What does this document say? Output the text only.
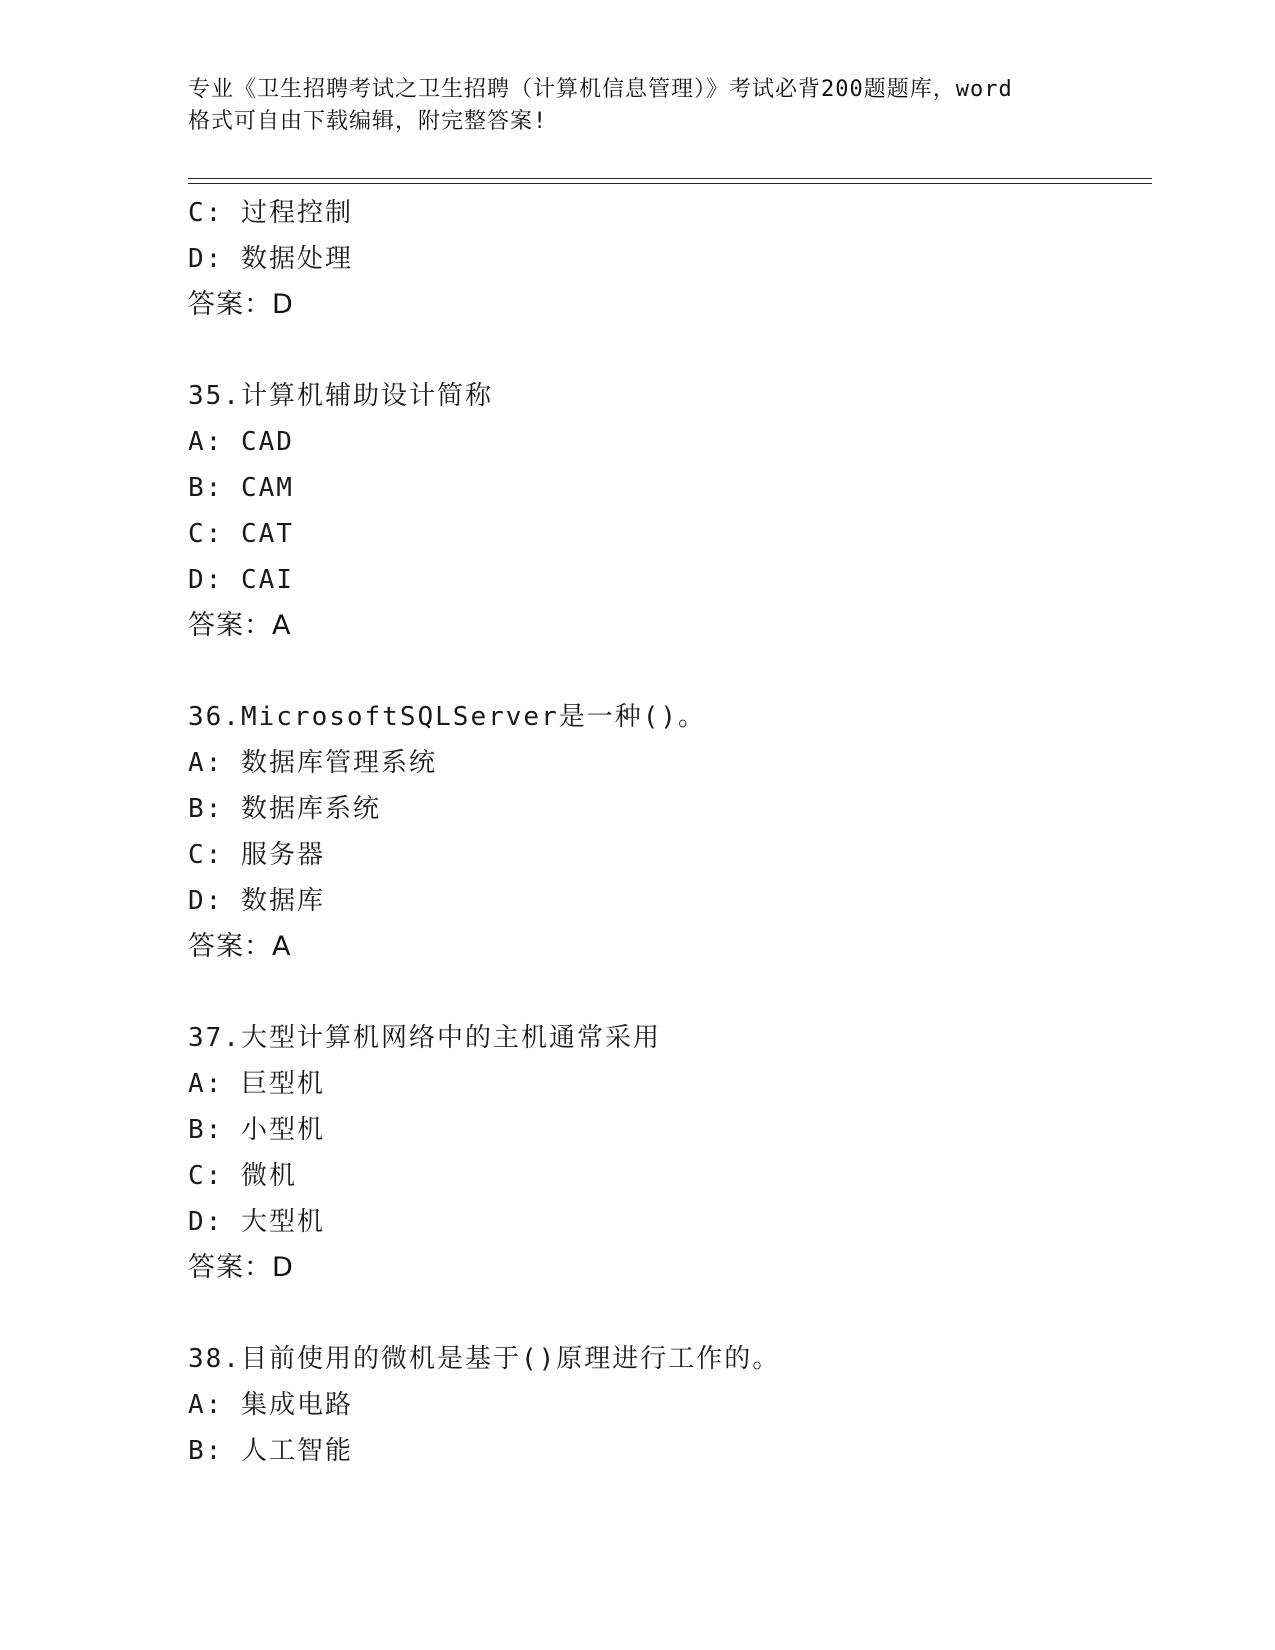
专业《卫生招聘考试之卫生招聘（计算机信息管理）》考试必背200题题库，word
格式可自由下载编辑，附完整答案!
C: 过程控制
D: 数据处理
答案：D
35.计算机辅助设计简称
A: CAD
B: CAM
C: CAT
D: CAI
答案：A
36.MicrosoftSQLServer是一种()。
A: 数据库管理系统
B: 数据库系统
C: 服务器
D: 数据库
答案：A
37.大型计算机网络中的主机通常采用
A: 巨型机
B: 小型机
C: 微机
D: 大型机
答案：D
38.目前使用的微机是基于()原理进行工作的。
A: 集成电路
B: 人工智能
